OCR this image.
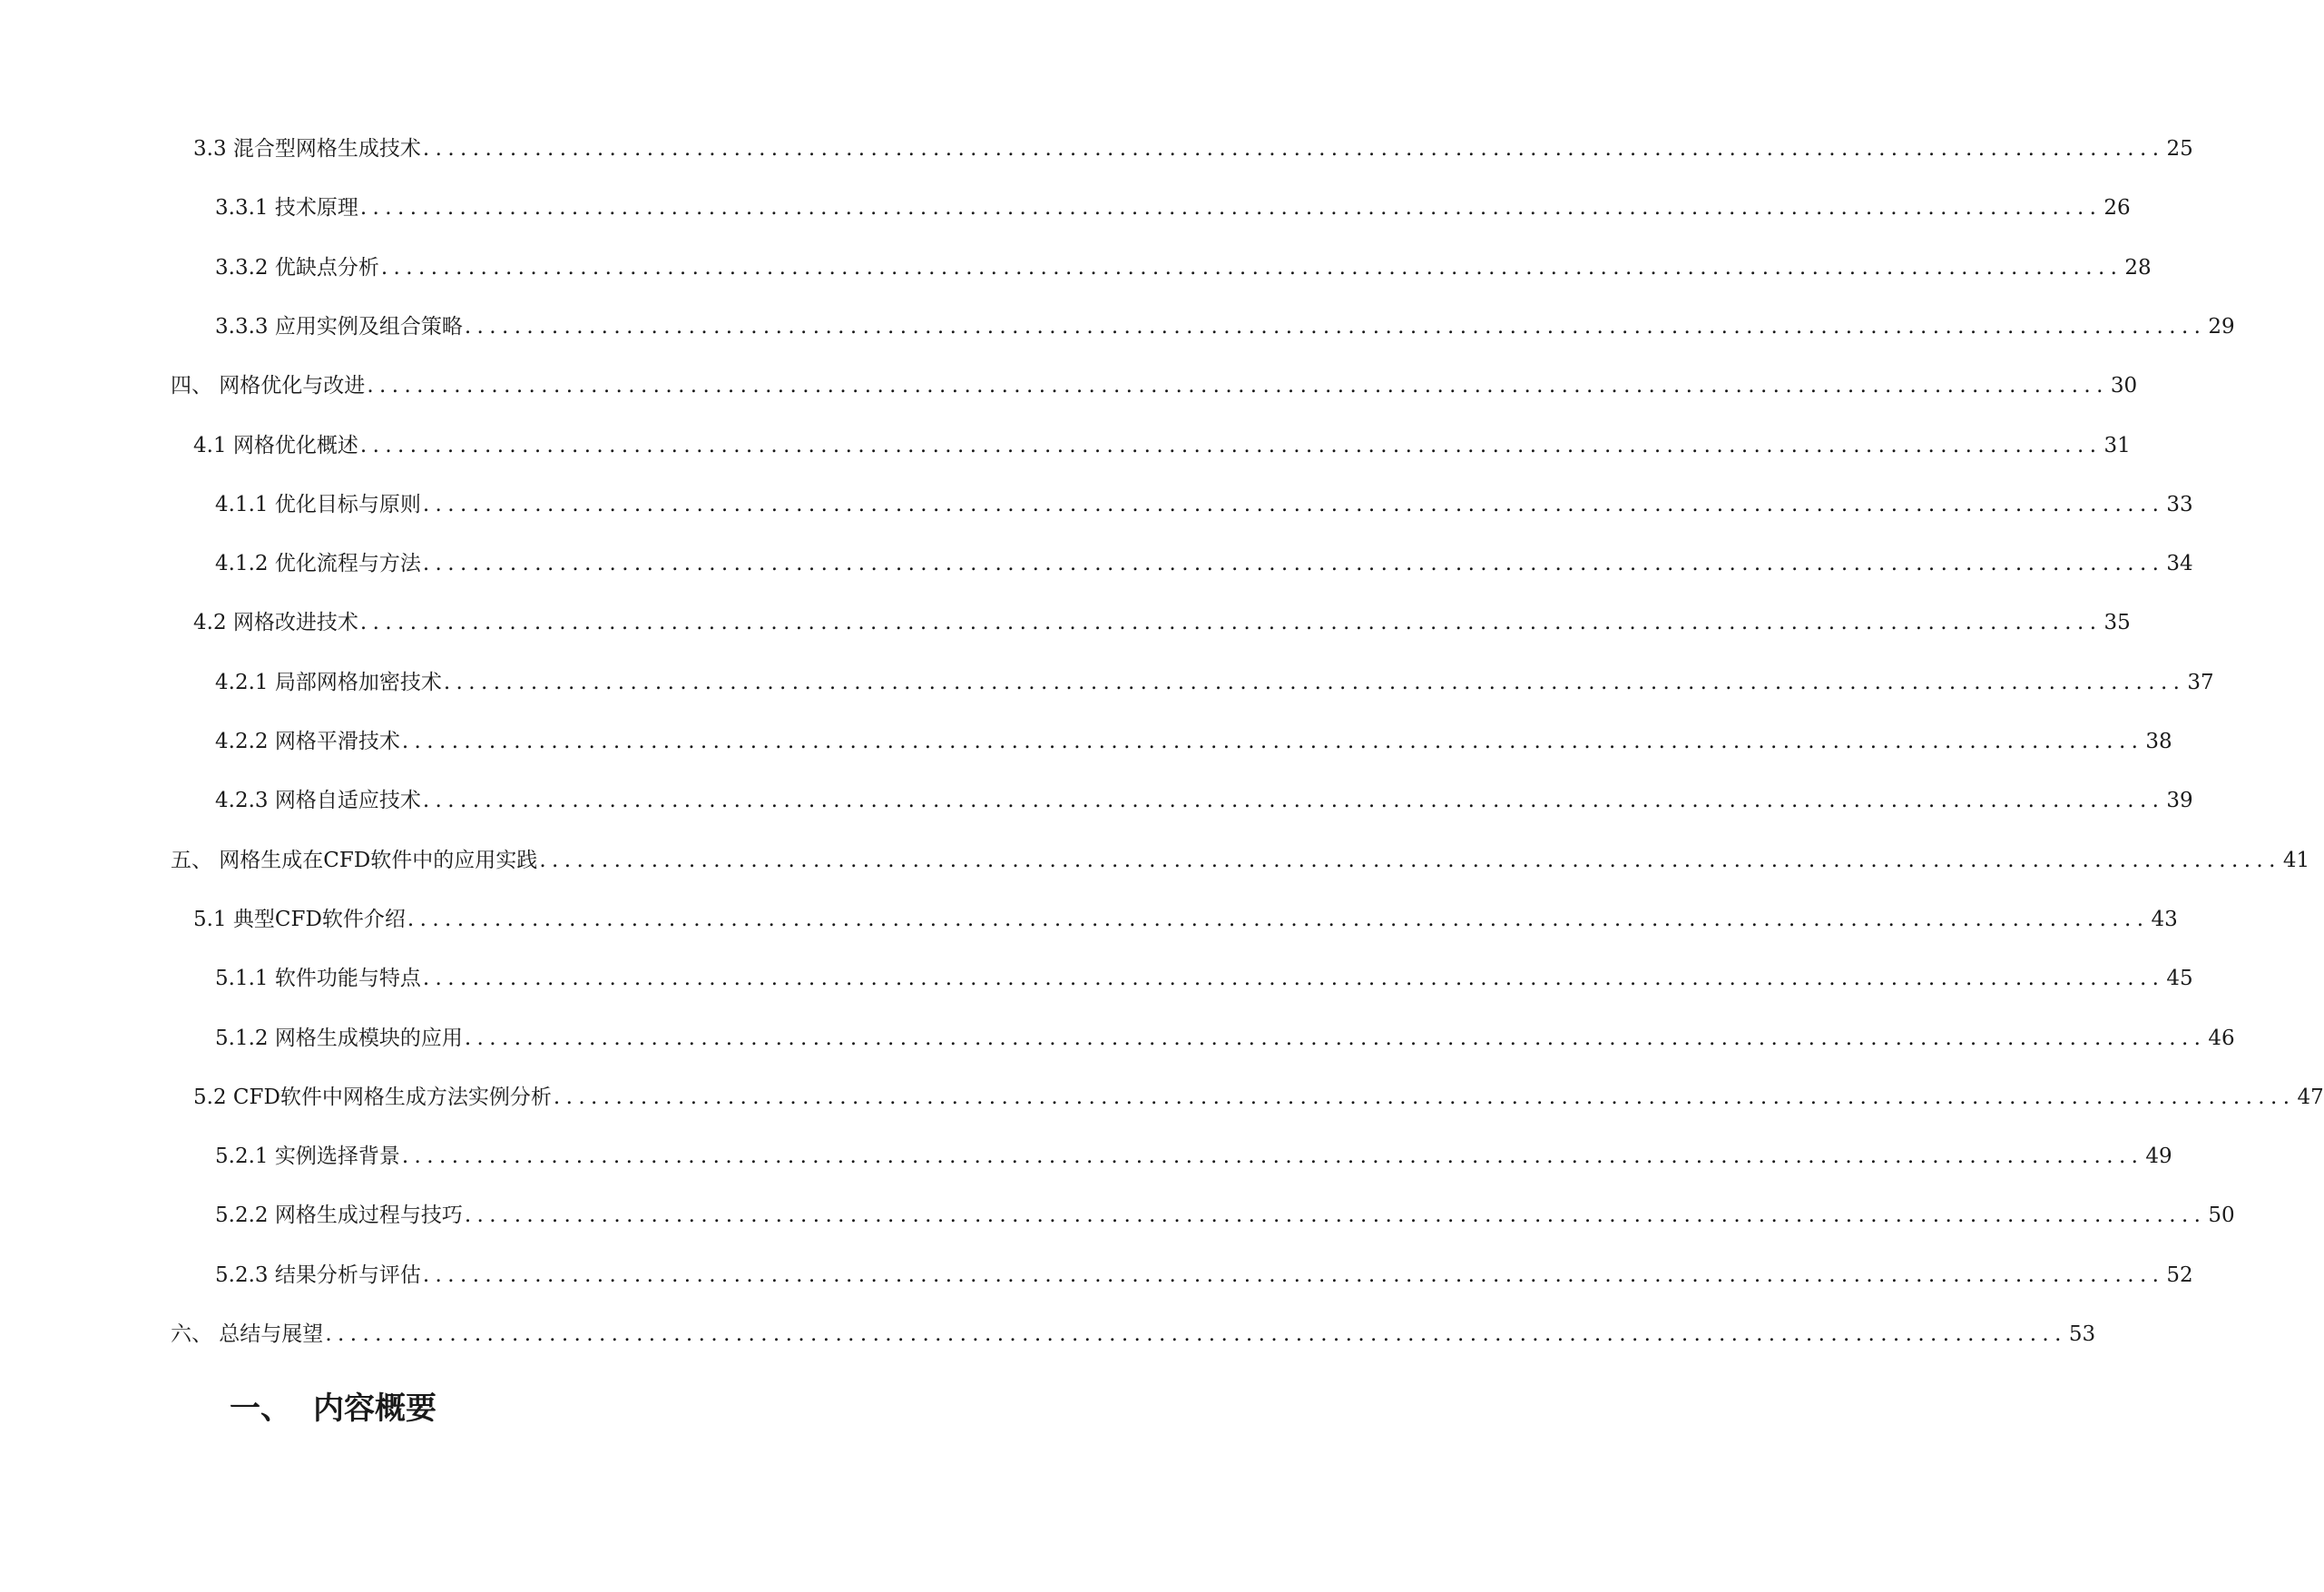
3.3 混合型网格生成技术 ............................................................................................................................................ 25
3.3.1 技术原理 ............................................................................................................................................ 26
3.3.2 优缺点分析 ............................................................................................................................................ 28
3.3.3 应用实例及组合策略 ............................................................................................................................................ 29
四、 网格优化与改进 ............................................................................................................................................ 30
4.1 网格优化概述 ............................................................................................................................................ 31
4.1.1 优化目标与原则 ............................................................................................................................................ 33
4.1.2 优化流程与方法 ............................................................................................................................................ 34
4.2 网格改进技术 ............................................................................................................................................ 35
4.2.1 局部网格加密技术 ............................................................................................................................................ 37
4.2.2 网格平滑技术 ............................................................................................................................................ 38
4.2.3 网格自适应技术 ............................................................................................................................................ 39
五、 网格生成在CFD软件中的应用实践 ............................................................................................................................................ 41
5.1 典型CFD软件介绍 ............................................................................................................................................ 43
5.1.1 软件功能与特点 ............................................................................................................................................ 45
5.1.2 网格生成模块的应用 ............................................................................................................................................ 46
5.2 CFD软件中网格生成方法实例分析 ............................................................................................................................................ 47
5.2.1 实例选择背景 ............................................................................................................................................ 49
5.2.2 网格生成过程与技巧 ............................................................................................................................................ 50
5.2.3 结果分析与评估 ............................................................................................................................................ 52
六、 总结与展望 ............................................................................................................................................ 53
一、 内容概要
